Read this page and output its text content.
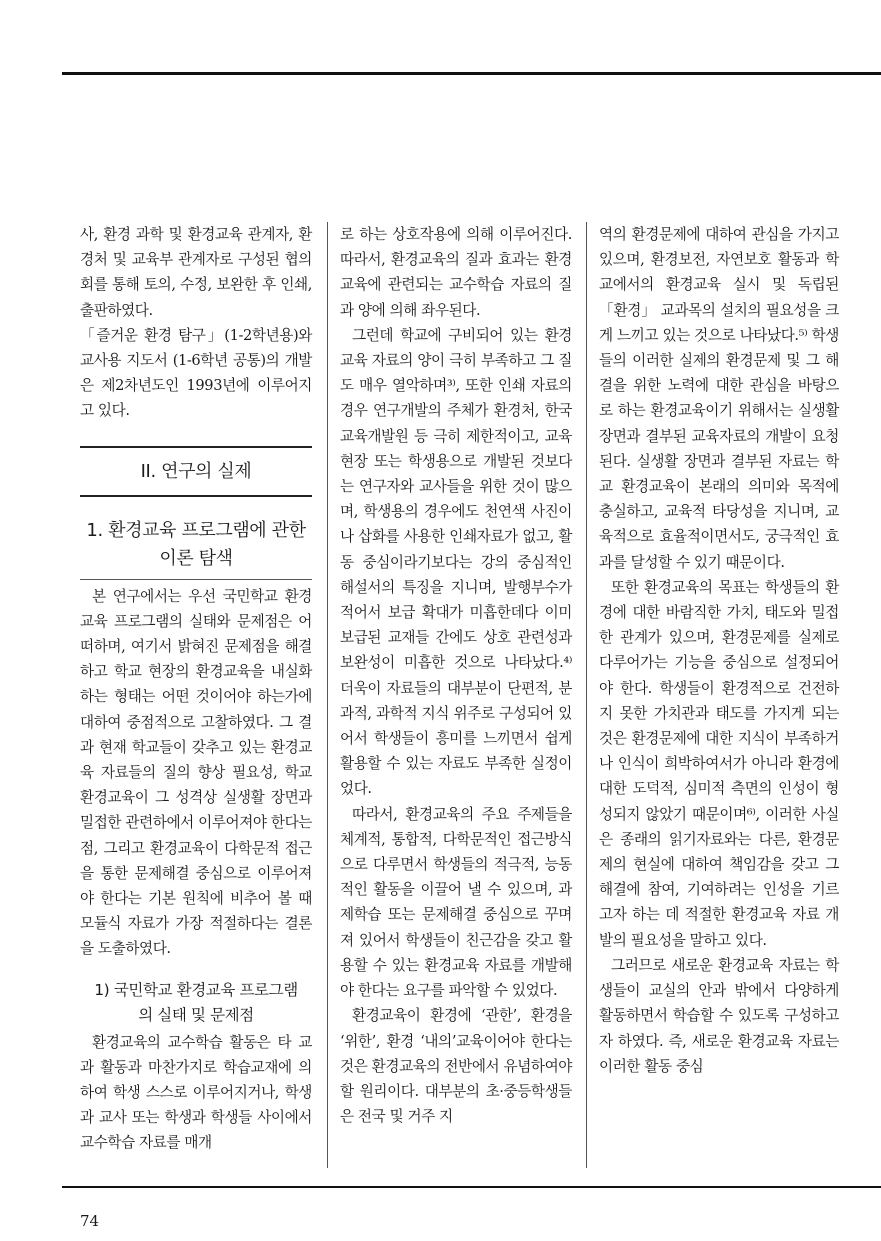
사, 환경 과학 및 환경교육 관계자, 환경처 및 교육부 관계자로 구성된 협의회를 통해 토의, 수정, 보완한 후 인쇄, 출판하였다.

「즐거운 환경 탐구」(1-2학년용)와 교사용 지도서 (1-6학년 공통)의 개발은 제2차년도인 1993년에 이루어지고 있다.

II. 연구의 실제
1. 환경교육 프로그램에 관한
이론 탐색

본 연구에서는 우선 국민학교 환경교육 프로그램의 실태와 문제점은 어떠하며, 여기서 밝혀진 문제점을 해결하고 학교 현장의 환경교육을 내실화하는 형태는 어떤 것이어야 하는가에 대하여 중점적으로 고찰하였다. 그 결과 현재 학교들이 갖추고 있는 환경교육 자료들의 질의 향상 필요성, 학교 환경교육이 그 성격상 실생활 장면과 밀접한 관련하에서 이루어져야 한다는 점, 그리고 환경교육이 다학문적 접근을 통한 문제해결 중심으로 이루어져야 한다는 기본 원칙에 비추어 볼 때 모듈식 자료가 가장 적절하다는 결론을 도출하였다.

1) 국민학교 환경교육 프로그램
의 실태 및 문제점

환경교육의 교수학습 활동은 타 교과 활동과 마찬가지로 학습교재에 의하여 학생 스스로 이루어지거나, 학생과 교사 또는 학생과 학생들 사이에서 교수학습 자료를 매개

로 하는 상호작용에 의해 이루어진다. 따라서, 환경교육의 질과 효과는 환경교육에 관련되는 교수학습 자료의 질과 양에 의해 좌우된다.

그런데 학교에 구비되어 있는 환경교육 자료의 양이 극히 부족하고 그 질도 매우 열악하며³⁾, 또한 인쇄 자료의 경우 연구개발의 주체가 환경처, 한국교육개발원 등 극히 제한적이고, 교육 현장 또는 학생용으로 개발된 것보다는 연구자와 교사들을 위한 것이 많으며, 학생용의 경우에도 천연색 사진이나 삽화를 사용한 인쇄자료가 없고, 활동 중심이라기보다는 강의 중심적인 해설서의 특징을 지니며, 발행부수가 적어서 보급 확대가 미흡한데다 이미 보급된 교재들 간에도 상호 관련성과 보완성이 미흡한 것으로 나타났다.⁴⁾ 더욱이 자료들의 대부분이 단편적, 분과적, 과학적 지식 위주로 구성되어 있어서 학생들이 흥미를 느끼면서 쉽게 활용할 수 있는 자료도 부족한 실정이었다.

따라서, 환경교육의 주요 주제들을 체계적, 통합적, 다학문적인 접근방식으로 다루면서 학생들의 적극적, 능동적인 활동을 이끌어 낼 수 있으며, 과제학습 또는 문제해결 중심으로 꾸며져 있어서 학생들이 친근감을 갖고 활용할 수 있는 환경교육 자료를 개발해야 한다는 요구를 파악할 수 있었다.

환경교육이 환경에 ‘관한’, 환경을 ‘위한’, 환경 ‘내의’교육이어야 한다는 것은 환경교육의 전반에서 유념하여야 할 원리이다. 대부분의 초·중등학생들은 전국 및 거주 지

역의 환경문제에 대하여 관심을 가지고 있으며, 환경보전, 자연보호 활동과 학교에서의 환경교육 실시 및 독립된 「환경」 교과목의 설치의 필요성을 크게 느끼고 있는 것으로 나타났다.⁵⁾ 학생들의 이러한 실제의 환경문제 및 그 해결을 위한 노력에 대한 관심을 바탕으로 하는 환경교육이기 위해서는 실생활 장면과 결부된 교육자료의 개발이 요청된다. 실생활 장면과 결부된 자료는 학교 환경교육이 본래의 의미와 목적에 충실하고, 교육적 타당성을 지니며, 교육적으로 효율적이면서도, 궁극적인 효과를 달성할 수 있기 때문이다.

또한 환경교육의 목표는 학생들의 환경에 대한 바람직한 가치, 태도와 밀접한 관계가 있으며, 환경문제를 실제로 다루어가는 기능을 중심으로 설정되어야 한다. 학생들이 환경적으로 건전하지 못한 가치관과 태도를 가지게 되는 것은 환경문제에 대한 지식이 부족하거나 인식이 희박하여서가 아니라 환경에 대한 도덕적, 심미적 측면의 인성이 형성되지 않았기 때문이며⁶⁾, 이러한 사실은 종래의 읽기자료와는 다른, 환경문제의 현실에 대하여 책임감을 갖고 그 해결에 참여, 기여하려는 인성을 기르고자 하는 데 적절한 환경교육 자료 개발의 필요성을 말하고 있다.

그러므로 새로운 환경교육 자료는 학생들이 교실의 안과 밖에서 다양하게 활동하면서 학습할 수 있도록 구성하고자 하였다. 즉, 새로운 환경교육 자료는 이러한 활동 중심

74
